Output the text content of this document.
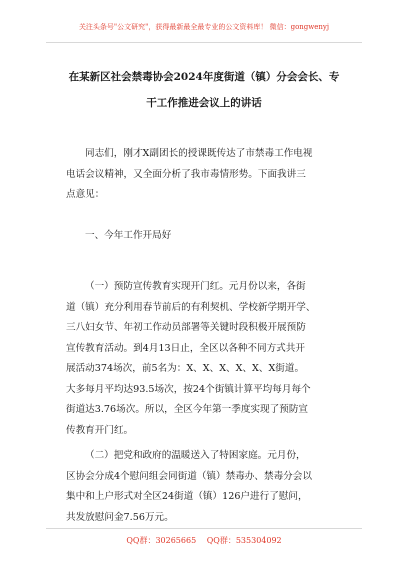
关注头条号"公文研究"，获得最新最全最专业的公文资料库！ 微信：gongwenyj
在某新区社会禁毒协会2024年度街道（镇）分会会长、专
干工作推进会议上的讲话
同志们，刚才X副团长的授课既传达了市禁毒工作电视
电话会议精神，又全面分析了我市毒情形势。下面我讲三
点意见：
一、今年工作开局好
（一）预防宣传教育实现开门红。元月份以来，各街
道（镇）充分利用春节前后的有利契机、学校新学期开学、
三八妇女节、年初工作动员部署等关键时段积极开展预防
宣传教育活动。到4月13日止，全区以各种不同方式共开
展活动374场次，前5名为：X、X、X、X、X、X街道。
大多每月平均达93.5场次，按24个街镇计算平均每月每个
街道达3.76场次。所以，全区今年第一季度实现了预防宣
传教育开门红。
（二）把党和政府的温暖送入了特困家庭。元月份，
区协会分成4个慰问组会同街道（镇）禁毒办、禁毒分会以
集中和上户形式对全区24街道（镇）126户进行了慰问，
共发放慰问金7.56万元。
QQ群：30265665 QQ群：535304092
